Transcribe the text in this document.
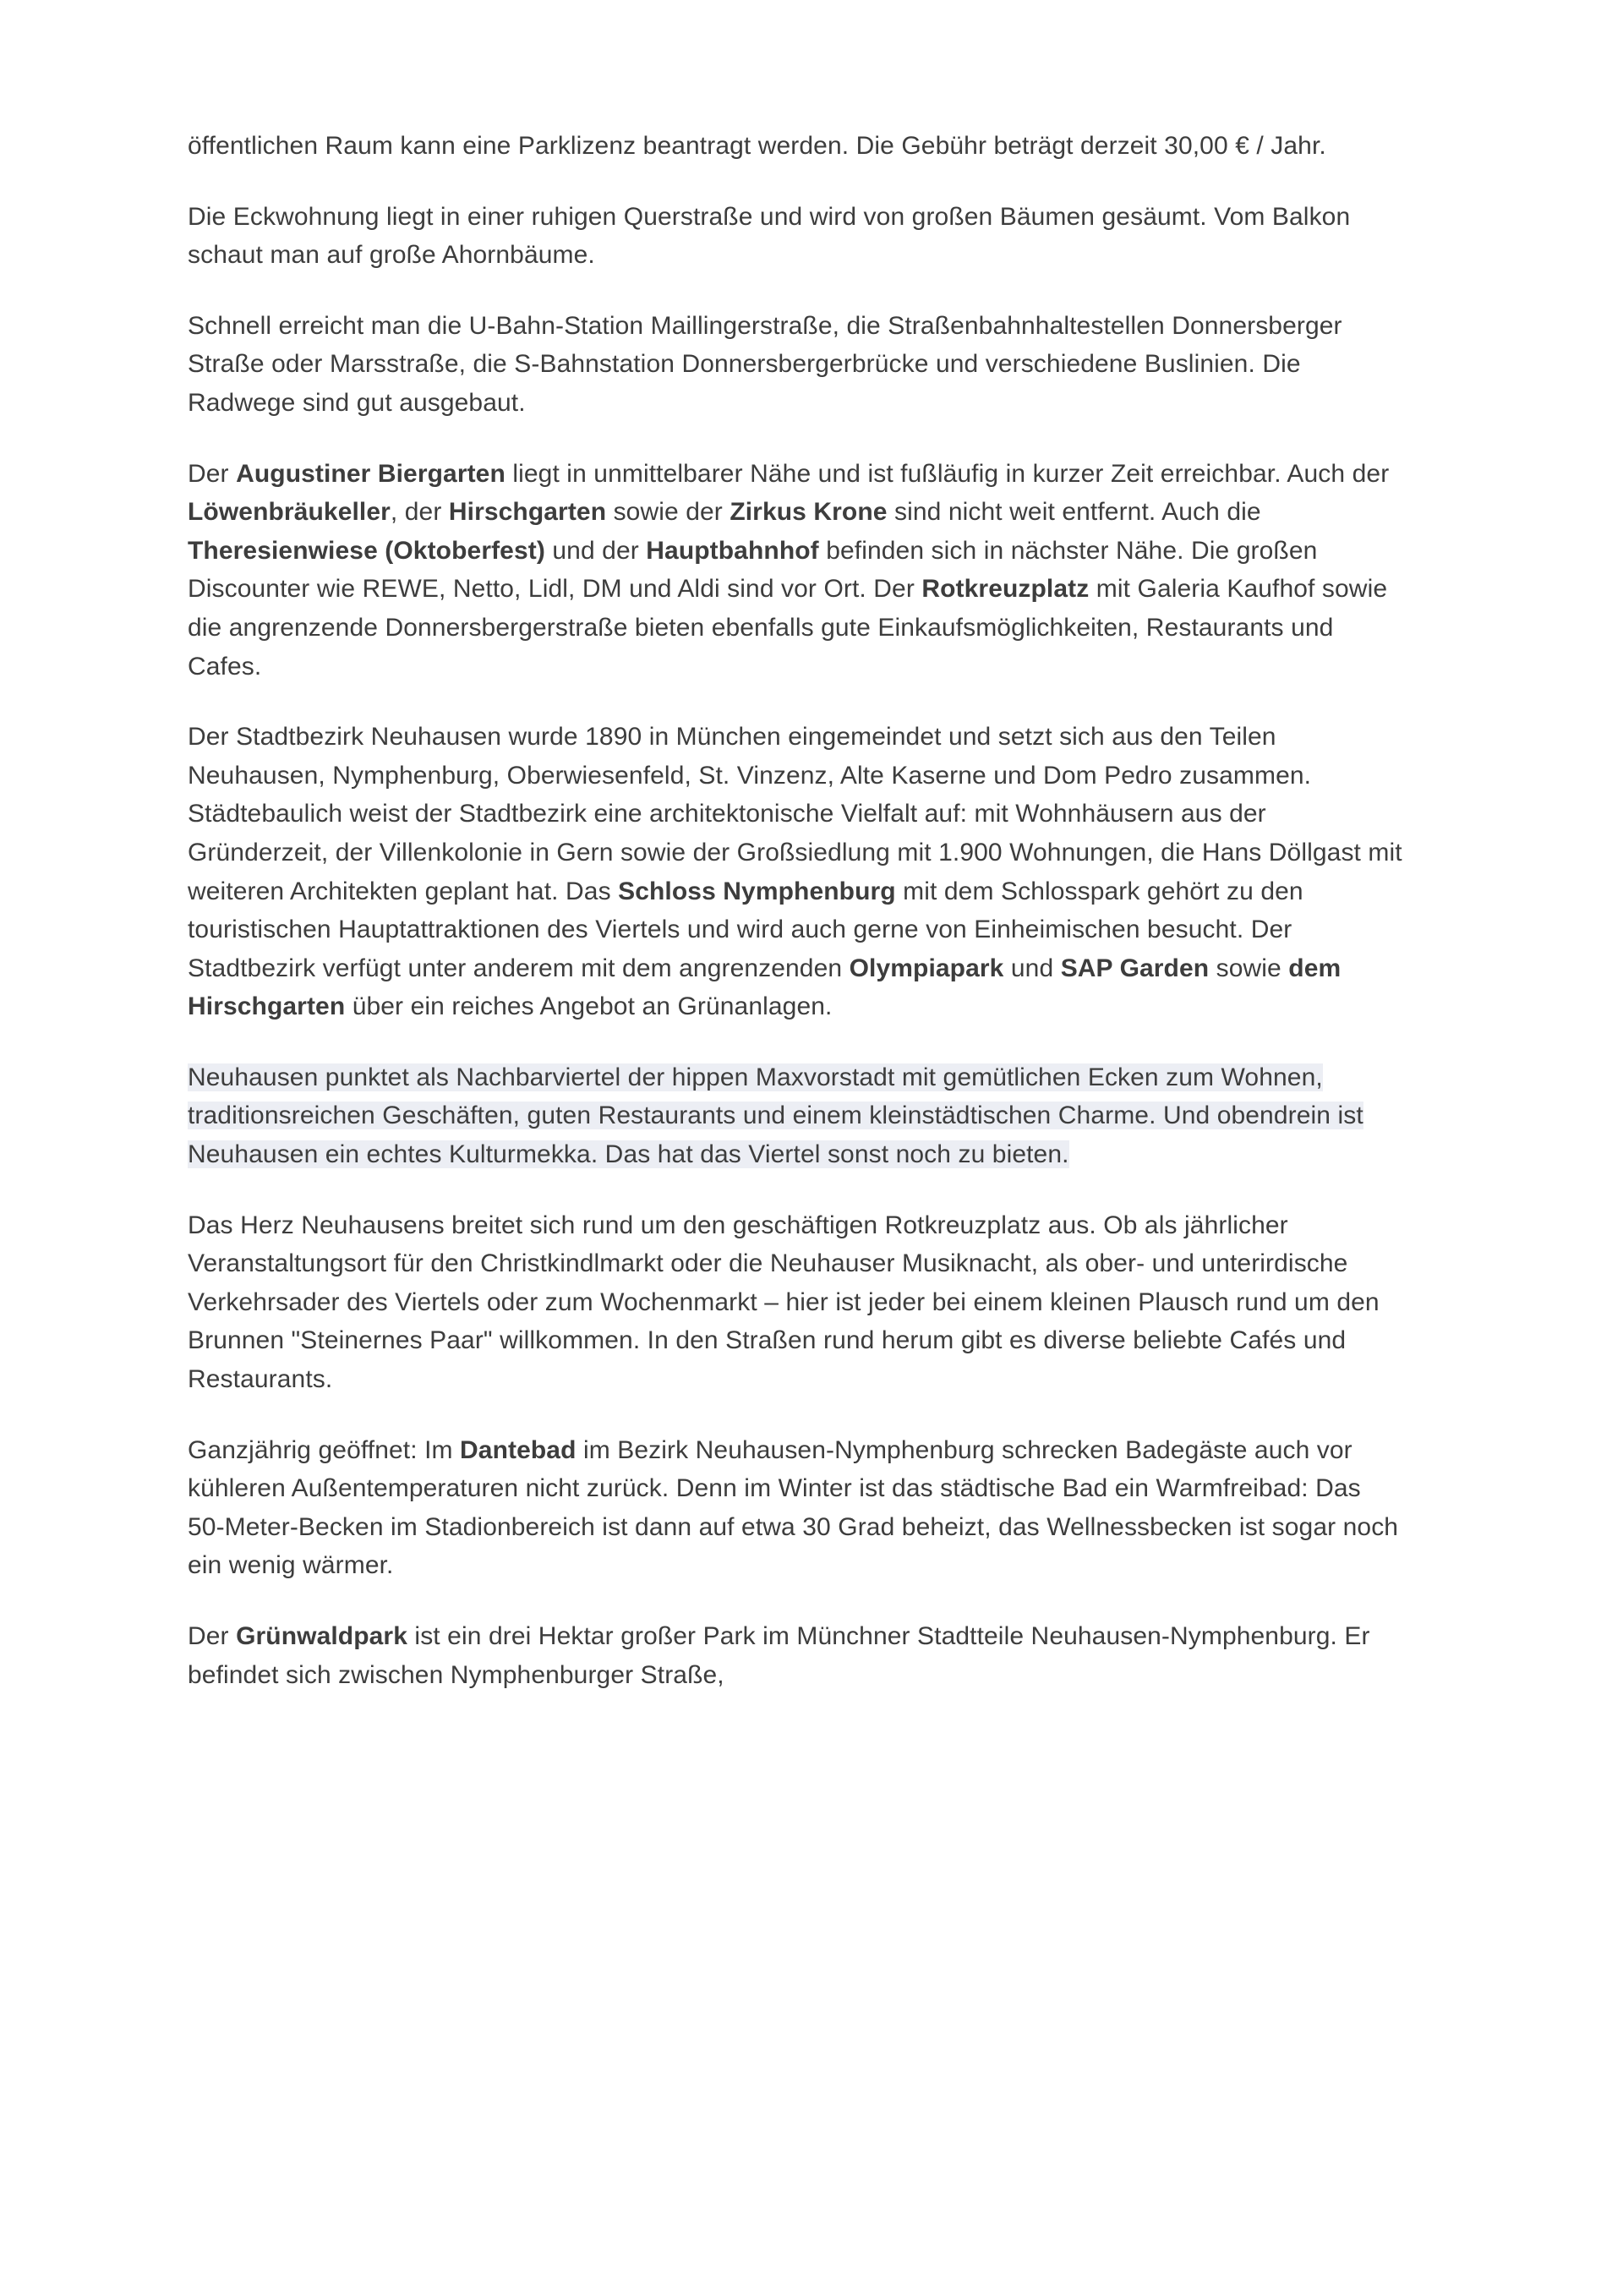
öffentlichen Raum kann eine Parklizenz beantragt werden. Die Gebühr beträgt derzeit 30,00 € / Jahr.

Die Eckwohnung liegt in einer ruhigen Querstraße und wird von großen Bäumen gesäumt. Vom Balkon schaut man auf große Ahornbäume.

Schnell erreicht man die U-Bahn-Station Maillingerstraße, die Straßenbahnhaltestellen Donnersberger Straße oder Marsstraße, die S-Bahnstation Donnersbergerbrücke und verschiedene Buslinien. Die Radwege sind gut ausgebaut.

Der Augustiner Biergarten liegt in unmittelbarer Nähe und ist fußläufig in kurzer Zeit erreichbar. Auch der Löwenbräukeller, der Hirschgarten sowie der Zirkus Krone sind nicht weit entfernt. Auch die Theresienwiese (Oktoberfest) und der Hauptbahnhof befinden sich in nächster Nähe. Die großen Discounter wie REWE, Netto, Lidl, DM und Aldi sind vor Ort. Der Rotkreuzplatz mit Galeria Kaufhof sowie die angrenzende Donnersbergerstraße bieten ebenfalls gute Einkaufsmöglichkeiten, Restaurants und Cafes.

Der Stadtbezirk Neuhausen wurde 1890 in München eingemeindet und setzt sich aus den Teilen Neuhausen, Nymphenburg, Oberwiesenfeld, St. Vinzenz, Alte Kaserne und Dom Pedro zusammen. Städtebaulich weist der Stadtbezirk eine architektonische Vielfalt auf: mit Wohnhäusern aus der Gründerzeit, der Villenkolonie in Gern sowie der Großsiedlung mit 1.900 Wohnungen, die Hans Döllgast mit weiteren Architekten geplant hat. Das Schloss Nymphenburg mit dem Schlosspark gehört zu den touristischen Hauptattraktionen des Viertels und wird auch gerne von Einheimischen besucht. Der Stadtbezirk verfügt unter anderem mit dem angrenzenden Olympiapark und SAP Garden sowie dem Hirschgarten über ein reiches Angebot an Grünanlagen.

Neuhausen punktet als Nachbarviertel der hippen Maxvorstadt mit gemütlichen Ecken zum Wohnen, traditionsreichen Geschäften, guten Restaurants und einem kleinstädtischen Charme. Und obendrein ist Neuhausen ein echtes Kulturmekka. Das hat das Viertel sonst noch zu bieten.

Das Herz Neuhausens breitet sich rund um den geschäftigen Rotkreuzplatz aus. Ob als jährlicher Veranstaltungsort für den Christkindlmarkt oder die Neuhauser Musiknacht, als ober- und unterirdische Verkehrsader des Viertels oder zum Wochenmarkt – hier ist jeder bei einem kleinen Plausch rund um den Brunnen "Steinernes Paar" willkommen. In den Straßen rund herum gibt es diverse beliebte Cafés und Restaurants.

Ganzjährig geöffnet: Im Dantebad im Bezirk Neuhausen-Nymphenburg schrecken Badegäste auch vor kühleren Außentemperaturen nicht zurück. Denn im Winter ist das städtische Bad ein Warmfreibad: Das 50-Meter-Becken im Stadionbereich ist dann auf etwa 30 Grad beheizt, das Wellnessbecken ist sogar noch ein wenig wärmer.

Der Grünwaldpark ist ein drei Hektar großer Park im Münchner Stadtteile Neuhausen-Nymphenburg. Er befindet sich zwischen Nymphenburger Straße,
